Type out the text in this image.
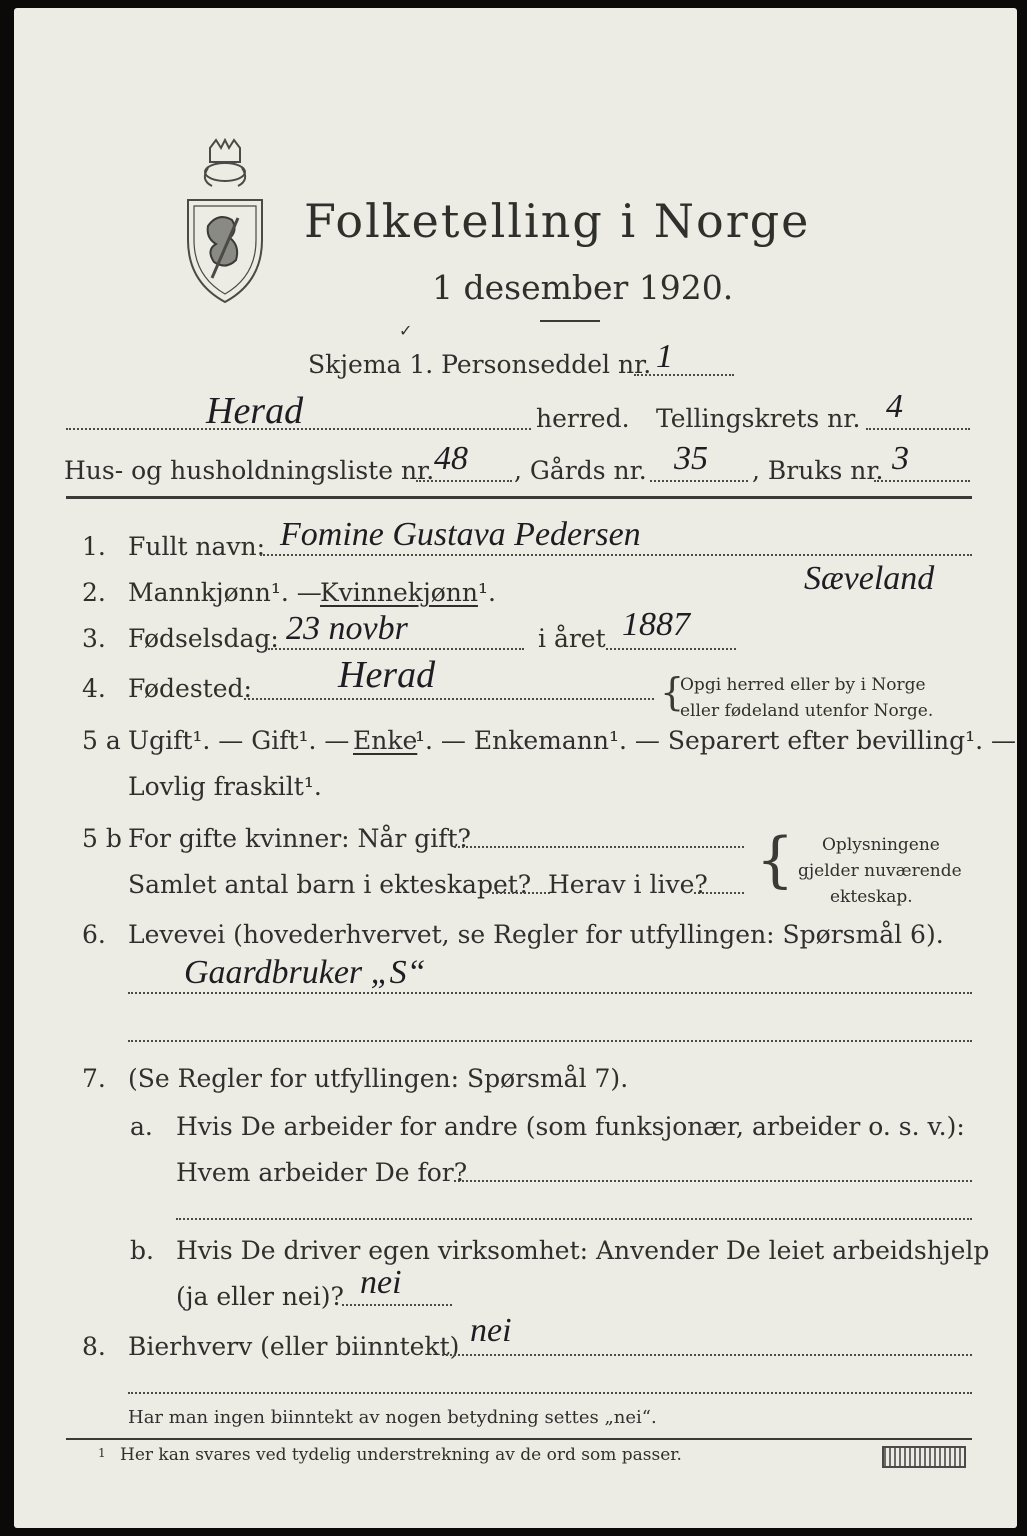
Folketelling i Norge
1 desember 1920.
✓
Skjema 1. Personseddel nr. 1
Herad	herred. Tellingskrets nr. 4
Hus- og husholdningsliste nr. 48 , Gårds nr. 35 , Bruks nr. 3
1. Fullt navn: Fomine Gustava Pedersen
2. Mannkjønn¹. —
Kvinnekjønn ¹.	Sæveland
3. Fødselsdag: 23 novbr	i året 1887
4. Fødested: Herad	{
Opgi herred eller by i Norge
eller fødeland utenfor Norge.
5 a Ugift¹. — Gift¹. — Enke
¹. — Enkemann¹. — Separert efter bevilling¹. —
Lovlig fraskilt¹.
5 b For gifte kvinner: Når gift?
Samlet antal barn i ekteskapet? Herav i live? { Oplysningene
gjelder nuværende
ekteskap.
6. Levevei (hovederhvervet, se Regler for utfyllingen: Spørsmål 6).
Gaardbruker „S“
7. (Se Regler for utfyllingen: Spørsmål 7).
a. Hvis De arbeider for andre (som funksjonær, arbeider o. s. v.):
Hvem arbeider De for?
b. Hvis De driver egen virksomhet: Anvender De leiet arbeidshjelp
(ja eller nei)? nei
8. Bierhverv (eller biinntekt) nei
Har man ingen biinntekt av nogen betydning settes „nei“.
1 Her kan svares ved tydelig understrekning av de ord som passer.
